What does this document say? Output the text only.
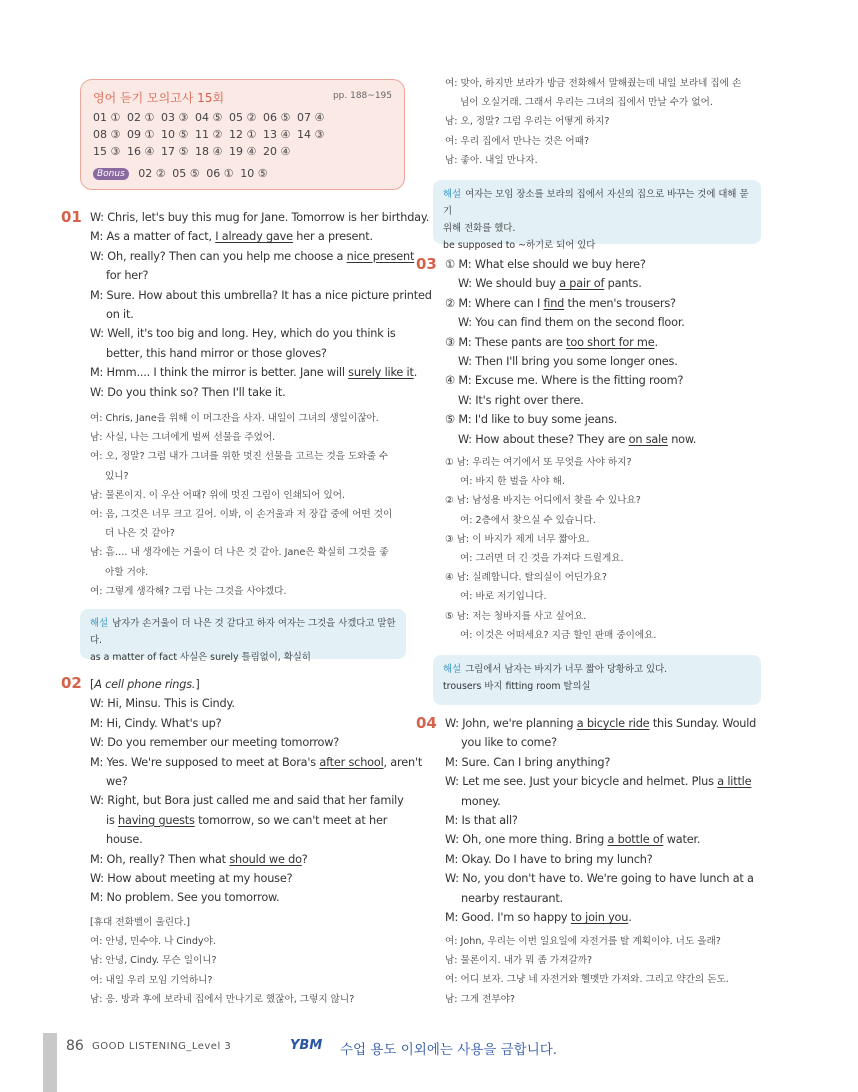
영어 듣기 모의고사 15회	pp. 188~195
01 ① 02 ① 03 ③ 04 ⑤ 05 ② 06 ⑤ 07 ④
08 ③ 09 ① 10 ⑤ 11 ② 12 ① 13 ④ 14 ③
15 ③ 16 ④ 17 ⑤ 18 ④ 19 ④ 20 ④
Bonus 02 ② 05 ⑤ 06 ① 10 ⑤
01 W: Chris, let's buy this mug for Jane. Tomorrow is her birthday.
M: As a matter of fact, I already gave her a present.
W: Oh, really? Then can you help me choose a nice present
for her?
M: Sure. How about this umbrella? It has a nice picture printed
on it.
W: Well, it's too big and long. Hey, which do you think is
better, this hand mirror or those gloves?
M: Hmm.... I think the mirror is better. Jane will surely like it.
W: Do you think so? Then I'll take it.
여: Chris, Jane을 위해 이 머그잔을 사자. 내일이 그녀의 생일이잖아.
남: 사실, 나는 그녀에게 벌써 선물을 주었어.
여: 오, 정말? 그럼 내가 그녀를 위한 멋진 선물을 고르는 것을 도와줄 수
있니?
남: 물론이지. 이 우산 어때? 위에 멋진 그림이 인쇄되어 있어.
여: 음, 그것은 너무 크고 길어. 이봐, 이 손거울과 저 장갑 중에 어떤 것이
더 나은 것 같아?
남: 흠…. 내 생각에는 거울이 더 나은 것 같아. Jane은 확실히 그것을 좋
아할 거야.
여: 그렇게 생각해? 그럼 나는 그것을 사야겠다.
해설 남자가 손거울이 더 나은 것 같다고 하자 여자는 그것을 사겠다고 말한다.
as a matter of fact 사실은 surely 틀림없이, 확실히
02 [A cell phone rings.]
W: Hi, Minsu. This is Cindy.
M: Hi, Cindy. What's up?
W: Do you remember our meeting tomorrow?
M: Yes. We're supposed to meet at Bora's after school, aren't
we?
W: Right, but Bora just called me and said that her family
is having guests tomorrow, so we can't meet at her
house.
M: Oh, really? Then what should we do?
W: How about meeting at my house?
M: No problem. See you tomorrow.
[휴대 전화벨이 울린다.]
여: 안녕, 민수야. 나 Cindy야.
남: 안녕, Cindy. 무슨 일이니?
여: 내일 우리 모임 기억하니?
남: 응. 방과 후에 보라네 집에서 만나기로 했잖아, 그렇지 않니?
여: 맞아, 하지만 보라가 방금 전화해서 말해줬는데 내일 보라네 집에 손
님이 오실거래. 그래서 우리는 그녀의 집에서 만날 수가 없어.
남: 오, 정말? 그럼 우리는 어떻게 하지?
여: 우리 집에서 만나는 것은 어때?
남: 좋아. 내일 만나자.
해설 여자는 모임 장소를 보라의 집에서 자신의 집으로 바꾸는 것에 대해 묻기
위해 전화를 했다.
be supposed to ~하기로 되어 있다
03 ① M: What else should we buy here?
W: We should buy a pair of pants.
② M: Where can I find the men's trousers?
W: You can find them on the second floor.
③ M: These pants are too short for me.
W: Then I'll bring you some longer ones.
④ M: Excuse me. Where is the fitting room?
W: It's right over there.
⑤ M: I'd like to buy some jeans.
W: How about these? They are on sale now.
① 남: 우리는 여기에서 또 무엇을 사야 하지?
여: 바지 한 벌을 사야 해.
② 남: 남성용 바지는 어디에서 찾을 수 있나요?
여: 2층에서 찾으실 수 있습니다.
③ 남: 이 바지가 제게 너무 짧아요.
여: 그러면 더 긴 것을 가져다 드릴게요.
④ 남: 실례합니다. 탈의실이 어딘가요?
여: 바로 저기입니다.
⑤ 남: 저는 청바지를 사고 싶어요.
여: 이것은 어떠세요? 지금 할인 판매 중이에요.
해설 그림에서 남자는 바지가 너무 짧아 당황하고 있다.
trousers 바지 fitting room 탈의실
04 W: John, we're planning a bicycle ride this Sunday. Would
you like to come?
M: Sure. Can I bring anything?
W: Let me see. Just your bicycle and helmet. Plus a little
money.
M: Is that all?
W: Oh, one more thing. Bring a bottle of water.
M: Okay. Do I have to bring my lunch?
W: No, you don't have to. We're going to have lunch at a
nearby restaurant.
M: Good. I'm so happy to join you.
여: John, 우리는 이번 일요일에 자전거를 탈 계획이야. 너도 올래?
남: 물론이지. 내가 뭐 좀 가져갈까?
여: 어디 보자. 그냥 네 자전거와 헬멧만 가져와. 그리고 약간의 돈도.
남: 그게 전부야?
86 GOOD LISTENING_Level 3	YBM 수업 용도 이외에는 사용을 금합니다.
